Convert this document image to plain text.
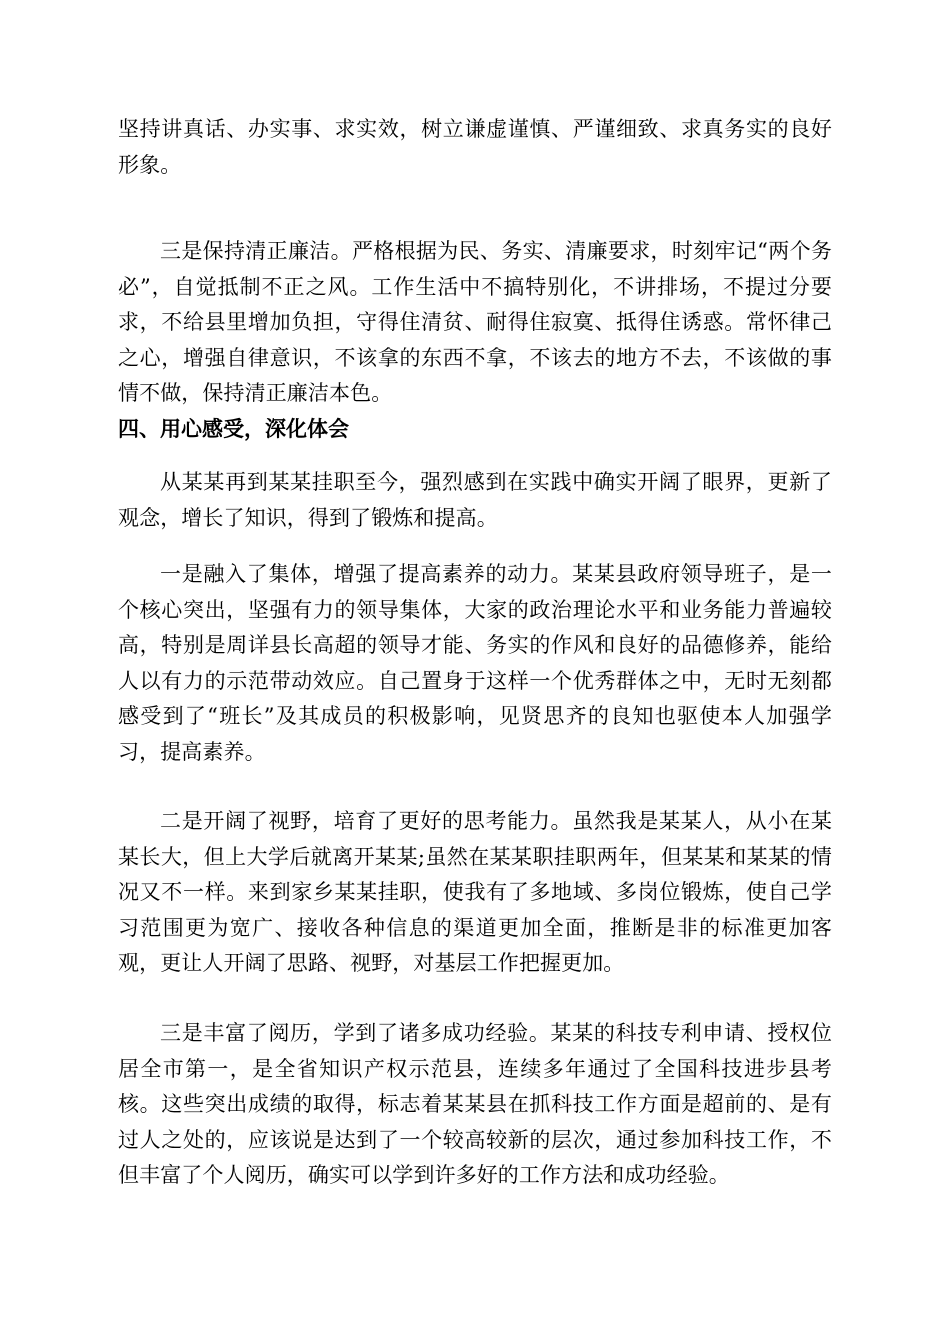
坚持讲真话、办实事、求实效，树立谦虚谨慎、严谨细致、求真务实的良好形象。

三是保持清正廉洁。严格根据为民、务实、清廉要求，时刻牢记“两个务必”，自觉抵制不正之风。工作生活中不搞特别化，不讲排场，不提过分要求，不给县里增加负担，守得住清贫、耐得住寂寞、抵得住诱惑。常怀律己之心，增强自律意识，不该拿的东西不拿，不该去的地方不去，不该做的事情不做，保持清正廉洁本色。

四、用心感受，深化体会

从某某再到某某挂职至今，强烈感到在实践中确实开阔了眼界，更新了观念，增长了知识，得到了锻炼和提高。

一是融入了集体，增强了提高素养的动力。某某县政府领导班子，是一个核心突出，坚强有力的领导集体，大家的政治理论水平和业务能力普遍较高，特别是周详县长高超的领导才能、务实的作风和良好的品德修养，能给人以有力的示范带动效应。自己置身于这样一个优秀群体之中，无时无刻都感受到了“班长”及其成员的积极影响，见贤思齐的良知也驱使本人加强学习，提高素养。

二是开阔了视野，培育了更好的思考能力。虽然我是某某人，从小在某某长大，但上大学后就离开某某;虽然在某某职挂职两年，但某某和某某的情况又不一样。来到家乡某某挂职，使我有了多地域、多岗位锻炼，使自己学习范围更为宽广、接收各种信息的渠道更加全面，推断是非的标准更加客观，更让人开阔了思路、视野，对基层工作把握更加。

三是丰富了阅历，学到了诸多成功经验。某某的科技专利申请、授权位居全市第一，是全省知识产权示范县，连续多年通过了全国科技进步县考核。这些突出成绩的取得，标志着某某县在抓科技工作方面是超前的、是有过人之处的，应该说是达到了一个较高较新的层次，通过参加科技工作，不但丰富了个人阅历，确实可以学到许多好的工作方法和成功经验。
